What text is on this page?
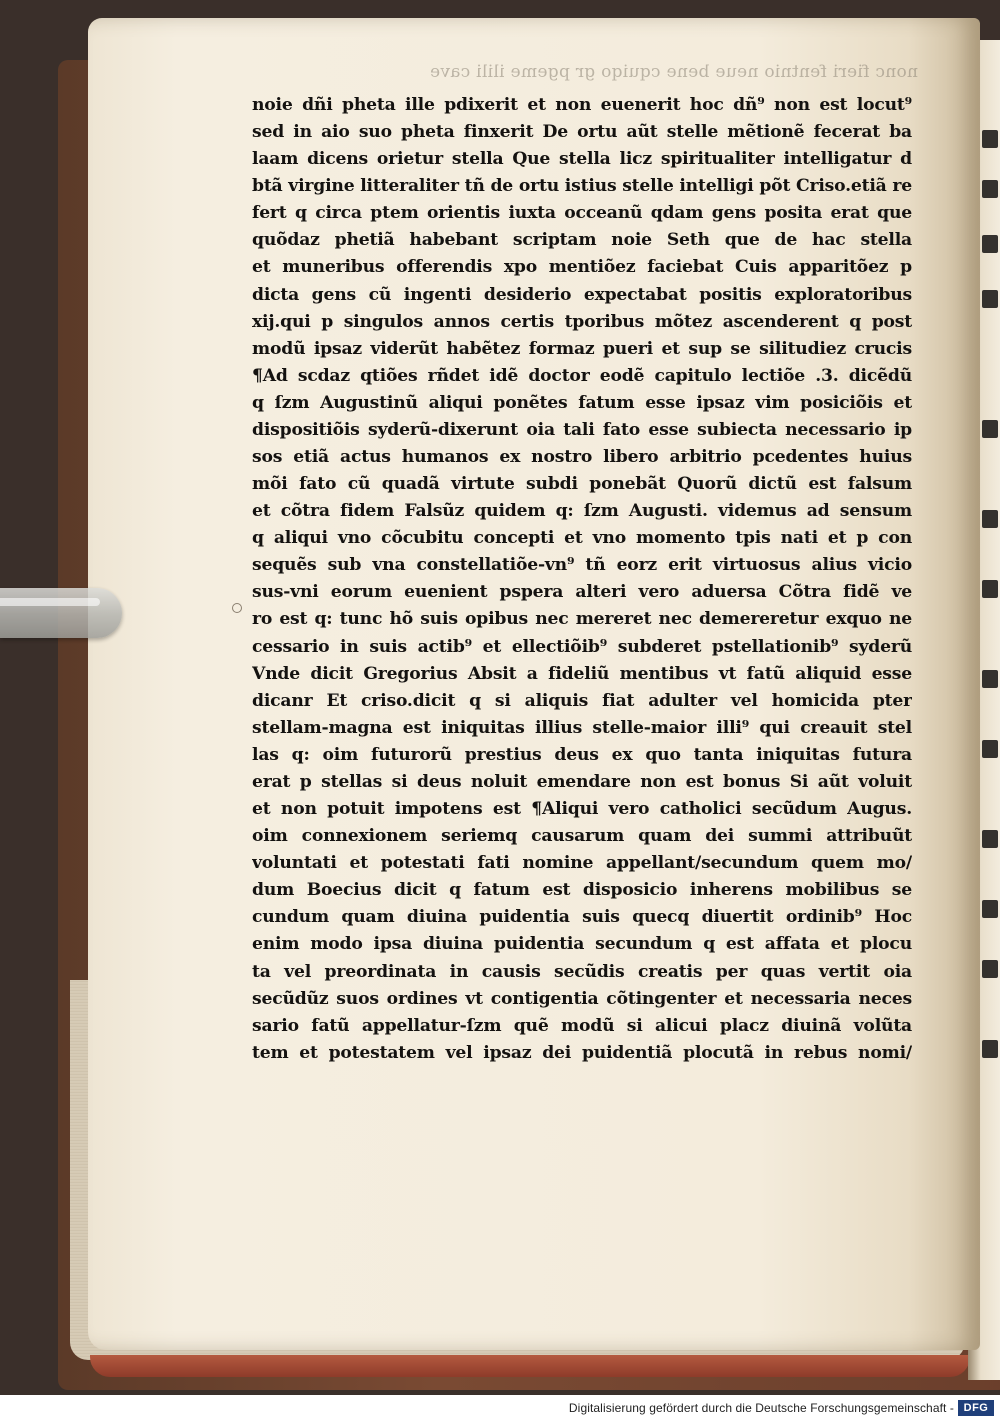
nonc fieri fentnio neue bene cquiqo gr pgeme ilili cave
noie dñi pheta ille pdixerit et non euenerit hoc dñ⁹ non est locut⁹
sed in aio suo pheta finxerit De ortu aũt stelle mẽtionẽ fecerat ba
laam dicens orietur stella Que stella licz spiritualiter intelligatur d
btã virgine litteraliter tñ de ortu istius stelle intelligi põt Criso.etiã re
fert q circa ptem orientis iuxta occeanũ qdam gens posita erat que
quõdaz phetiã habebant scriptam noie Seth que de hac stella
et muneribus offerendis xpo mentiõez faciebat Cuis apparitõez p
dicta gens cũ ingenti desiderio expectabat positis exploratoribus
xij.qui p singulos annos certis tporibus mõtez ascenderent q post
modũ ipsaz viderũt habẽtez formaz pueri et sup se silitudiez crucis
¶Ad scdaz qtiões rñdet idẽ doctor eodẽ capitulo lectiõe .3. dicẽdũ
q ſzm Augustinũ aliqui ponẽtes fatum esse ipsaz vim posiciõis et
dispositiõis syderũ-dixerunt oia tali fato esse subiecta necessario ip
sos etiã actus humanos ex nostro libero arbitrio pcedentes huius
mõi fato cũ quadã virtute subdi ponebãt Quorũ dictũ est falsum
et cõtra fidem Falsũz quidem q: ſzm Augusti. videmus ad sensum
q aliqui vno cõcubitu concepti et vno momento tpis nati et p con
sequẽs sub vna constellatiõe-vn⁹ tñ eorz erit virtuosus alius vicio
sus-vni eorum euenient pspera alteri vero aduersa Cõtra fidẽ ve
ro est q: tunc hõ suis opibus nec mereret nec demereretur exquo ne
cessario in suis actib⁹ et ellectiõib⁹ subderet pstellationib⁹ syderũ
Vnde dicit Gregorius Absit a fideliũ mentibus vt fatũ aliquid esse
dicanr Et criso.dicit q si aliquis fiat adulter vel homicida pter
stellam-magna est iniquitas illius stelle-maior illi⁹ qui creauit stel
las q: oim futurorũ prestius deus ex quo tanta iniquitas futura
erat p stellas si deus noluit emendare non est bonus Si aũt voluit
et non potuit impotens est ¶Aliqui vero catholici secũdum Augus.
oim connexionem seriemq causarum quam dei summi attribuũt
voluntati et potestati fati nomine appellant/secundum quem mo/
dum Boecius dicit q fatum est disposicio inherens mobilibus se
cundum quam diuina puidentia suis quecq diuertit ordinib⁹ Hoc
enim modo ipsa diuina puidentia secundum q est affata et plocu
ta vel preordinata in causis secũdis creatis per quas vertit oia
secũdũz suos ordines vt contigentia cõtingenter et necessaria neces
sario fatũ appellatur-ſzm quẽ modũ si alicui placz diuinã volũta
tem et potestatem vel ipsaz dei puidentiã plocutã in rebus nomi/
Digitalisierung gefördert durch die Deutsche Forschungsgemeinschaft - DFG
